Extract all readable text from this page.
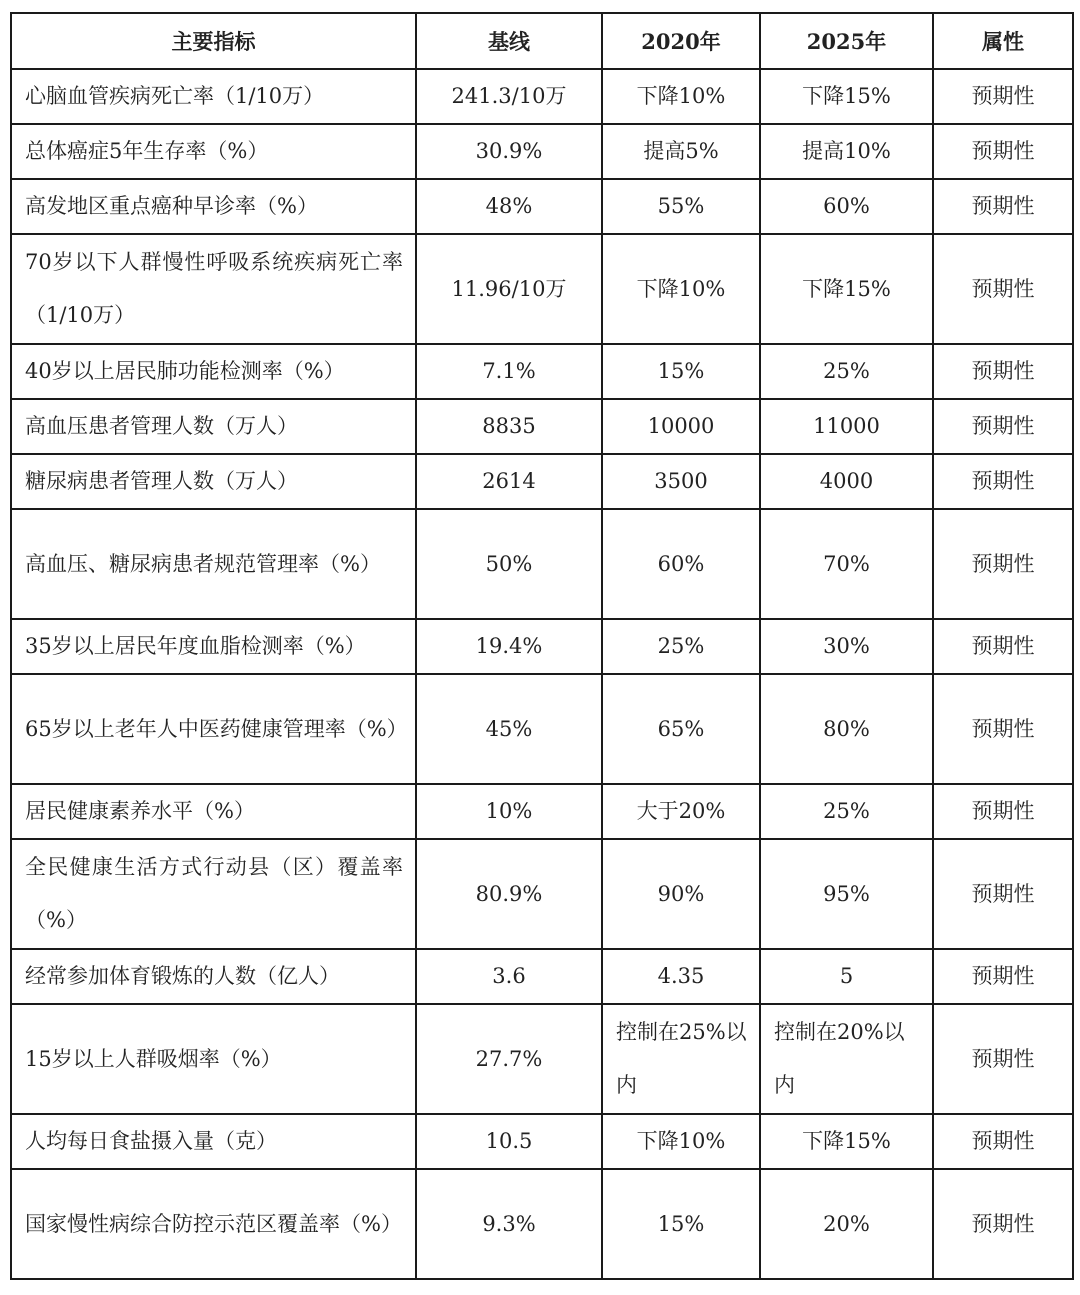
主要指标	基线	2020年	2025年	属性
心脑血管疾病死亡率（1/10万）	241.3/10万	下降10%	下降15%	预期性
总体癌症5年生存率（%）	30.9%	提高5%	提高10%	预期性
高发地区重点癌种早诊率（%）	48%	55%	60%	预期性
70岁以下人群慢性呼吸系统疾病死亡率（1/10万）	11.96/10万	下降10%	下降15%	预期性
40岁以上居民肺功能检测率（%）	7.1%	15%	25%	预期性
高血压患者管理人数（万人）	8835	10000	11000	预期性
糖尿病患者管理人数（万人）	2614	3500	4000	预期性
高血压、糖尿病患者规范管理率（%）	50%	60%	70%	预期性
35岁以上居民年度血脂检测率（%）	19.4%	25%	30%	预期性
65岁以上老年人中医药健康管理率（%）	45%	65%	80%	预期性
居民健康素养水平（%）	10%	大于20%	25%	预期性
全民健康生活方式行动县（区）覆盖率（%）	80.9%	90%	95%	预期性
经常参加体育锻炼的人数（亿人）	3.6	4.35	5	预期性
15岁以上人群吸烟率（%）	27.7%	控制在25%以内	控制在20%以内	预期性
人均每日食盐摄入量（克）	10.5	下降10%	下降15%	预期性
国家慢性病综合防控示范区覆盖率（%）	9.3%	15%	20%	预期性
